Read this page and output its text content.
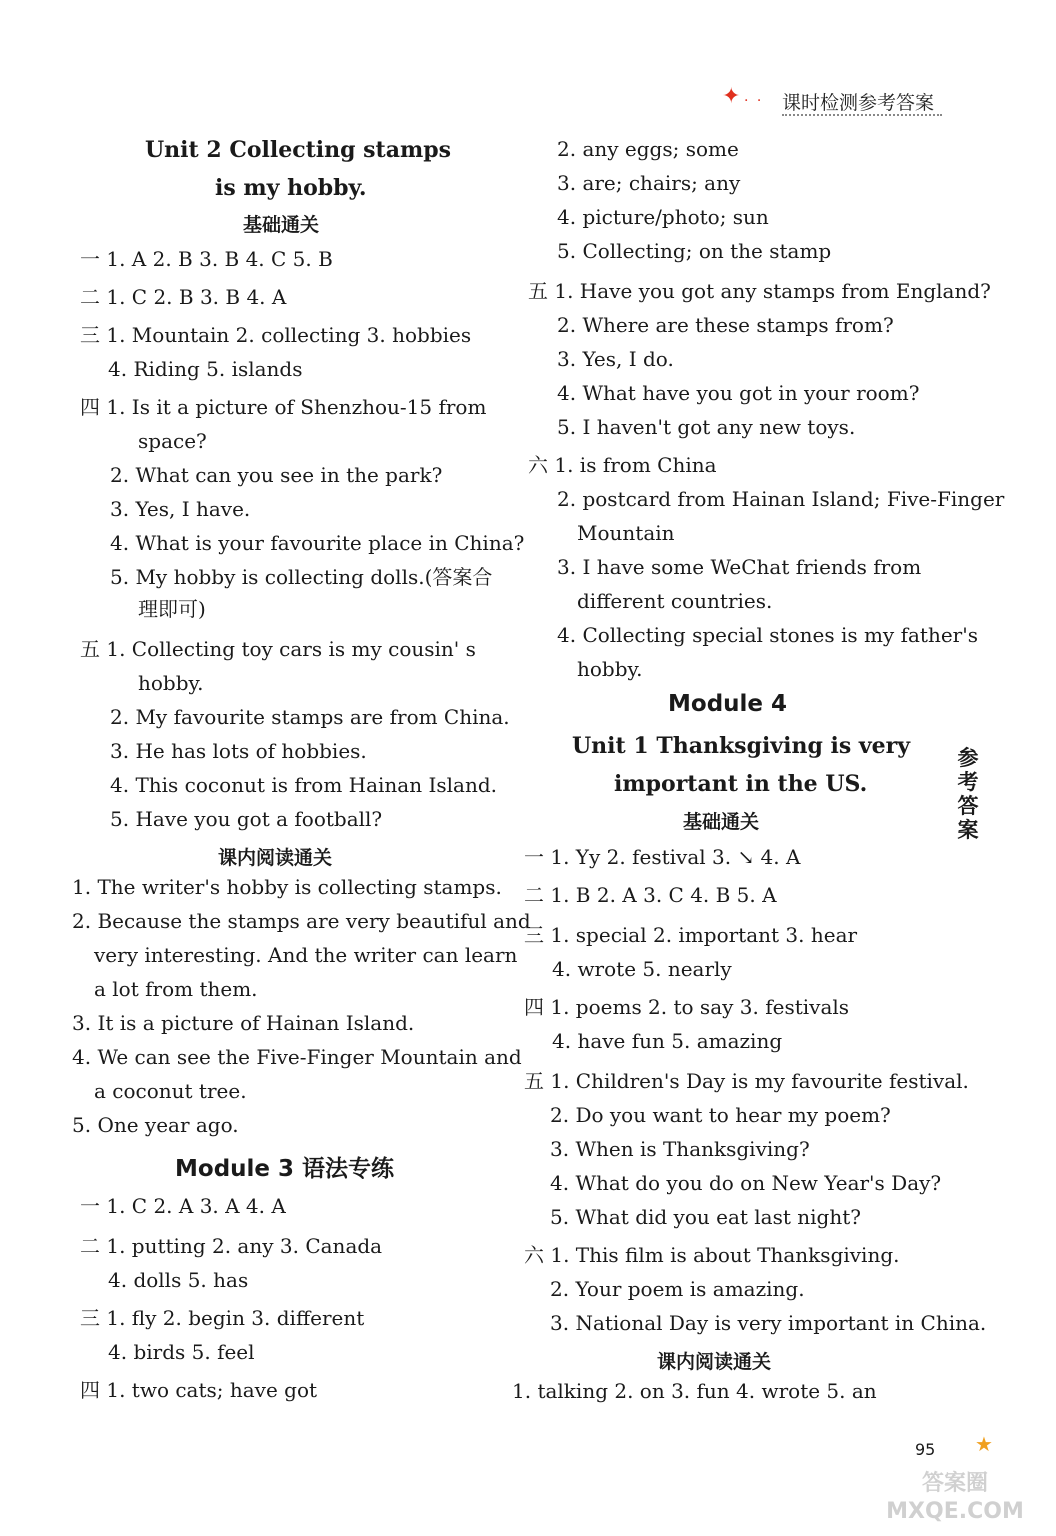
✦ · · 课时检测参考答案
Unit 2 Collecting stamps
is my hobby.
基础通关
一 1. A 2. B 3. B 4. C 5. B
二 1. C 2. B 3. B 4. A
三 1. Mountain 2. collecting 3. hobbies
4. Riding 5. islands
四 1. Is it a picture of Shenzhou-15 from
space?
2. What can you see in the park?
3. Yes, I have.
4. What is your favourite place in China?
5. My hobby is collecting dolls.(答案合
理即可)
五 1. Collecting toy cars is my cousin' s
hobby.
2. My favourite stamps are from China.
3. He has lots of hobbies.
4. This coconut is from Hainan Island.
5. Have you got a football?
课内阅读通关
1. The writer's hobby is collecting stamps.
2. Because the stamps are very beautiful and
very interesting. And the writer can learn
a lot from them.
3. It is a picture of Hainan Island.
4. We can see the Five-Finger Mountain and
a coconut tree.
5. One year ago.
Module 3 语法专练
一 1. C 2. A 3. A 4. A
二 1. putting 2. any 3. Canada
4. dolls 5. has
三 1. fly 2. begin 3. different
4. birds 5. feel
四 1. two cats; have got
2. any eggs; some
3. are; chairs; any
4. picture/photo; sun
5. Collecting; on the stamp
五 1. Have you got any stamps from England?
2. Where are these stamps from?
3. Yes, I do.
4. What have you got in your room?
5. I haven't got any new toys.
六 1. is from China
2. postcard from Hainan Island; Five-Finger
Mountain
3. I have some WeChat friends from
different countries.
4. Collecting special stones is my father's
hobby.
Module 4
Unit 1 Thanksgiving is very
important in the US.
基础通关
一 1. Yy 2. festival 3. ↘ 4. A
二 1. B 2. A 3. C 4. B 5. A
三 1. special 2. important 3. hear
4. wrote 5. nearly
四 1. poems 2. to say 3. festivals
4. have fun 5. amazing
五 1. Children's Day is my favourite festival.
2. Do you want to hear my poem?
3. When is Thanksgiving?
4. What do you do on New Year's Day?
5. What did you eat last night?
六 1. This film is about Thanksgiving.
2. Your poem is amazing.
3. National Day is very important in China.
课内阅读通关
1. talking 2. on 3. fun 4. wrote 5. an
参考答案
95 ★
答案圈 MXQE.COM
